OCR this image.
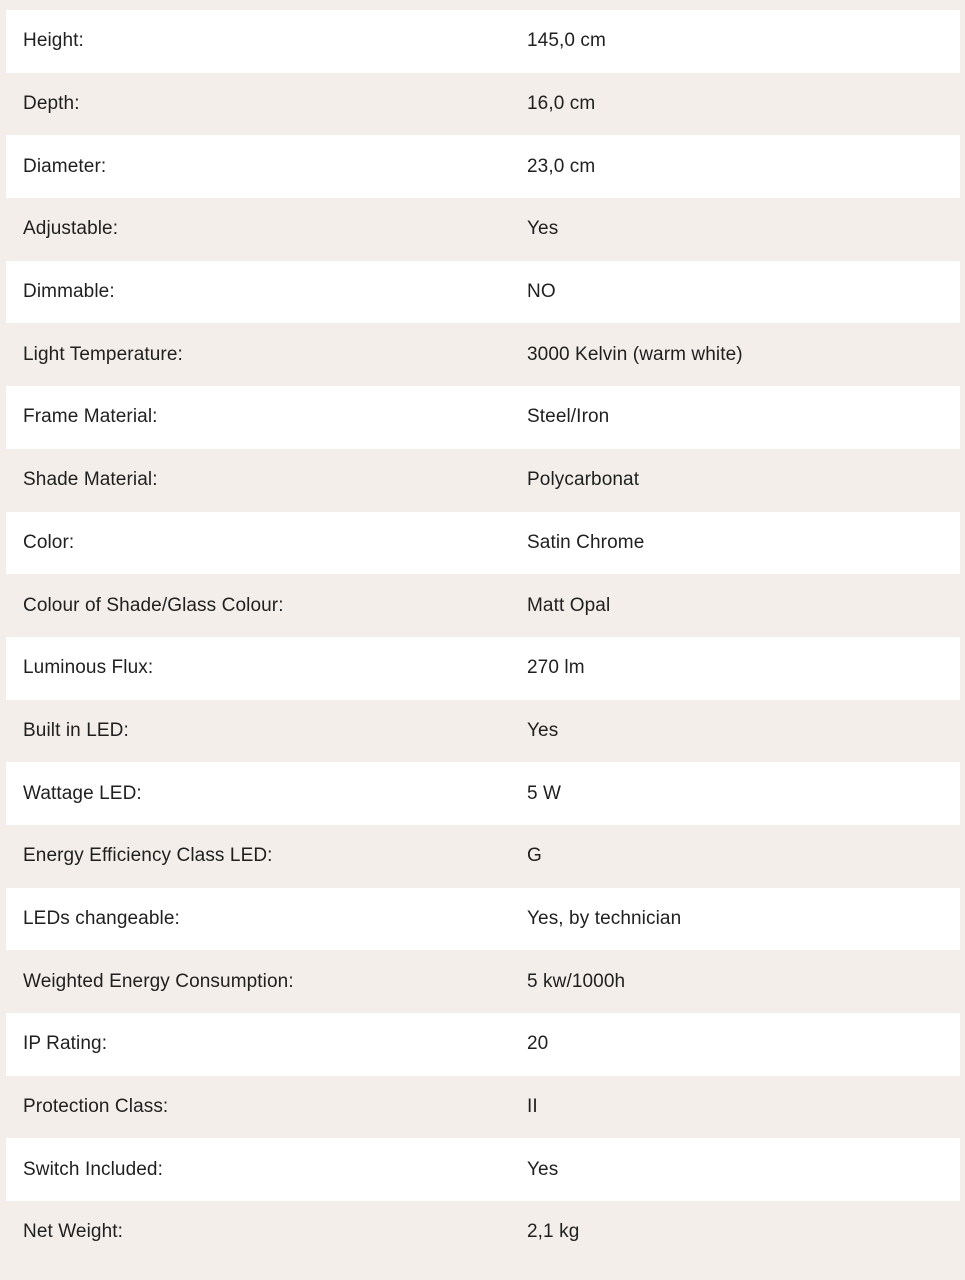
Height:	145,0 cm
Depth:	16,0 cm
Diameter:	23,0 cm
Adjustable:	Yes
Dimmable:	NO
Light Temperature:	3000 Kelvin (warm white)
Frame Material:	Steel/Iron
Shade Material:	Polycarbonat
Color:	Satin Chrome
Colour of Shade/Glass Colour:	Matt Opal
Luminous Flux:	270 lm
Built in LED:	Yes
Wattage LED:	5 W
Energy Efficiency Class LED:	G
LEDs changeable:	Yes, by technician
Weighted Energy Consumption:	5 kw/1000h
IP Rating:	20
Protection Class:	II
Switch Included:	Yes
Net Weight:	2,1 kg
